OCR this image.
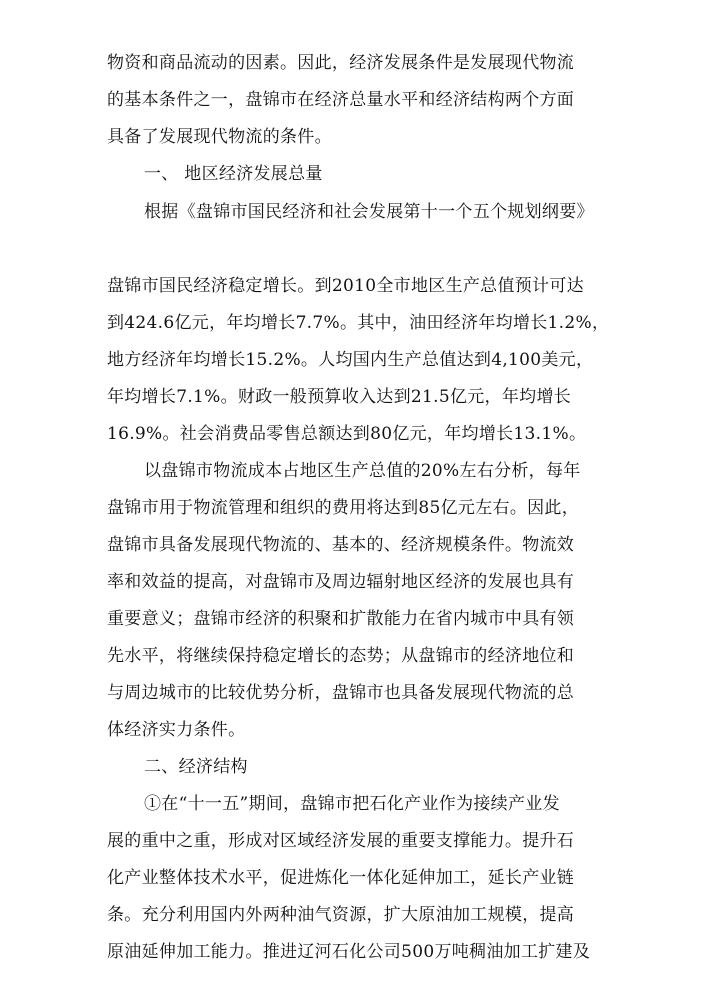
物资和商品流动的因素。因此，经济发展条件是发展现代物流
的基本条件之一，盘锦市在经济总量水平和经济结构两个方面
具备了发展现代物流的条件。
一、 地区经济发展总量
根据《盘锦市国民经济和社会发展第十一个五个规划纲要》
盘锦市国民经济稳定增长。到2010全市地区生产总值预计可达
到424.6亿元，年均增长7.7%。其中，油田经济年均增长1.2%，
地方经济年均增长15.2%。人均国内生产总值达到4,100美元，
年均增长7.1%。财政一般预算收入达到21.5亿元，年均增长
16.9%。社会消费品零售总额达到80亿元，年均增长13.1%。
以盘锦市物流成本占地区生产总值的20%左右分析，每年
盘锦市用于物流管理和组织的费用将达到85亿元左右。因此，
盘锦市具备发展现代物流的、基本的、经济规模条件。物流效
率和效益的提高，对盘锦市及周边辐射地区经济的发展也具有
重要意义；盘锦市经济的积聚和扩散能力在省内城市中具有领
先水平，将继续保持稳定增长的态势；从盘锦市的经济地位和
与周边城市的比较优势分析，盘锦市也具备发展现代物流的总
体经济实力条件。
二、经济结构
①在“十一五”期间，盘锦市把石化产业作为接续产业发
展的重中之重，形成对区域经济发展的重要支撑能力。提升石
化产业整体技术水平，促进炼化一体化延伸加工，延长产业链
条。充分利用国内外两种油气资源，扩大原油加工规模，提高
原油延伸加工能力。推进辽河石化公司500万吨稠油加工扩建及
